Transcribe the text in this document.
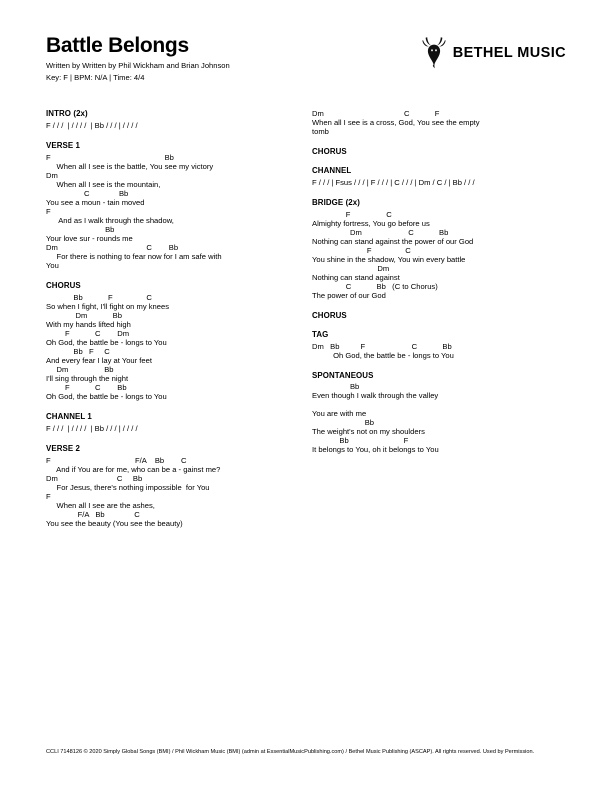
Battle Belongs

Written by Written by Phil Wickham and Brian Johnson

Key: F | BPM: N/A | Time: 4/4

BETHEL MUSIC
INTRO (2x)
F / / /  | / / / /  | Bb / / / | / / / /
VERSE 1
F                                                      Bb
When all I see is the battle, You see my victory
Dm
When all I see is the mountain,
C              Bb
You see a moun - tain moved
F
And as I walk through the shadow,
Bb
Your love sur - rounds me
Dm                                          C        Bb
For there is nothing to fear now for I am safe with
You
CHORUS
Bb            F                C
So when I fight, I'll fight on my knees
Dm            Bb
With my hands lifted high
F            C        Dm
Oh God, the battle be - longs to You
Bb   F     C
And every fear I lay at Your feet
Dm                 Bb
I'll sing through the night
F            C        Bb
Oh God, the battle be - longs to You
CHANNEL 1
F / / /  | / / / /  | Bb / / / | / / / /
VERSE 2
F                                        F/A    Bb        C
And if You are for me, who can be a - gainst me?
Dm                            C     Bb
For Jesus, there's nothing impossible  for You
F
When all I see are the ashes,
F/A   Bb              C
You see the beauty (You see the beauty)
Dm                                      C            F
When all I see is a cross, God, You see the empty
tomb
CHORUS
CHANNEL
F / / / | Fsus / / / | F / / / | C / / / | Dm / C / | Bb / / /
BRIDGE (2x)
F                 C
Almighty fortress, You go before us
Dm                      C            Bb
Nothing can stand against the power of our God
F                C
You shine in the shadow, You win every battle
Dm
Nothing can stand against
C            Bb   (C to Chorus)
The power of our God
CHORUS
TAG
Dm   Bb          F                      C            Bb
Oh God, the battle be - longs to You
SPONTANEOUS
Bb
Even though I walk through the valley
You are with me
Bb
The weight's not on my shoulders
Bb                          F
It belongs to You, oh it belongs to You
CCLI 7148126 © 2020 Simply Global Songs (BMI) / Phil Wickham Music (BMI) (admin at EssentialMusicPublishing.com) / Bethel Music Publishing (ASCAP). All rights reserved. Used by Permission.
